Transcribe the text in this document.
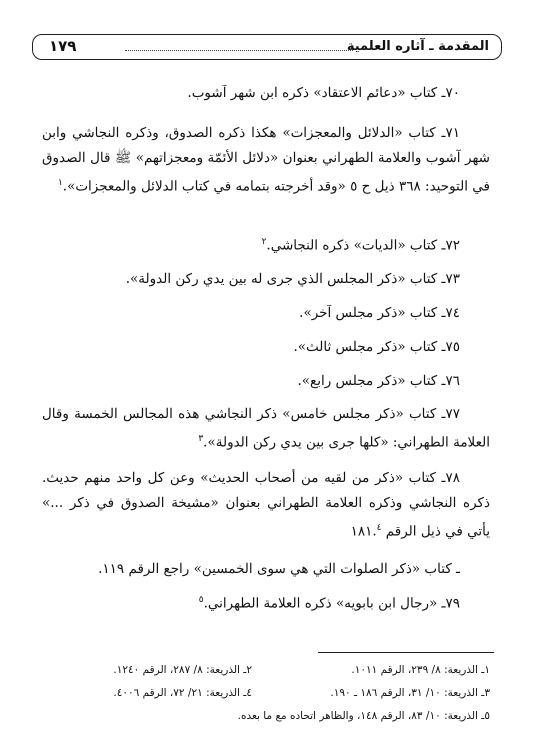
المقدمة ـ آثاره العلمية
١٧٩
٧٠ـ كتاب «دعائم الاعتقاد» ذكره ابن شهر آشوب.
٧١ـ كتاب «الدلائل والمعجزات» هكذا ذكره الصدوق، وذكره النجاشي وابن شهر آشوب والعلامة الطهراني بعنوان «دلائل الأئمّة ومعجزاتهم» ﷺ قال الصدوق في التوحيد: ٣٦٨ ذيل ح ٥ «وقد أخرجته بتمامه في كتاب الدلائل والمعجزات».$^١$
٧٢ـ كتاب «الديات» ذكره النجاشي.$^٢$
٧٣ـ كتاب «ذكر المجلس الذي جرى له بين يدي ركن الدولة».
٧٤ـ كتاب «ذكر مجلس آخر».
٧٥ـ كتاب «ذكر مجلس ثالث».
٧٦ـ كتاب «ذكر مجلس رابع».
٧٧ـ كتاب «ذكر مجلس خامس» ذكر النجاشي هذه المجالس الخمسة وقال العلامة الطهراني: «كلها جرى بين يدي ركن الدولة».$^٣$
٧٨ـ كتاب «ذكر من لقيه من أصحاب الحديث» وعن كل واحد منهم حديث. ذكره النجاشي وذكره العلامة الطهراني بعنوان «مشيخة الصدوق في ذكر ...» يأتي في ذيل الرقم ١٨١.$^٤$
ـ كتاب «ذكر الصلوات التي هي سوى الخمسين» راجع الرقم ١١٩.
٧٩ـ «رجال ابن بابويه» ذكره العلامة الطهراني.$^٥$
١ـ الذريعة: ٨/ ٢٣٩، الرقم ١٠١١.
٢ـ الذريعة: ٨/ ٢٨٧، الرقم ١٢٤٠.
٣ـ الذريعة: ١٠/ ٣١، الرقم ١٨٦ ـ ١٩٠.
٤ـ الذريعة: ٢١/ ٧٢، الرقم ٤٠٠٦.
٥ـ الذريعة: ١٠/ ٨٣، الرقم ١٤٨، والظاهر اتحاده مع ما بعده.
